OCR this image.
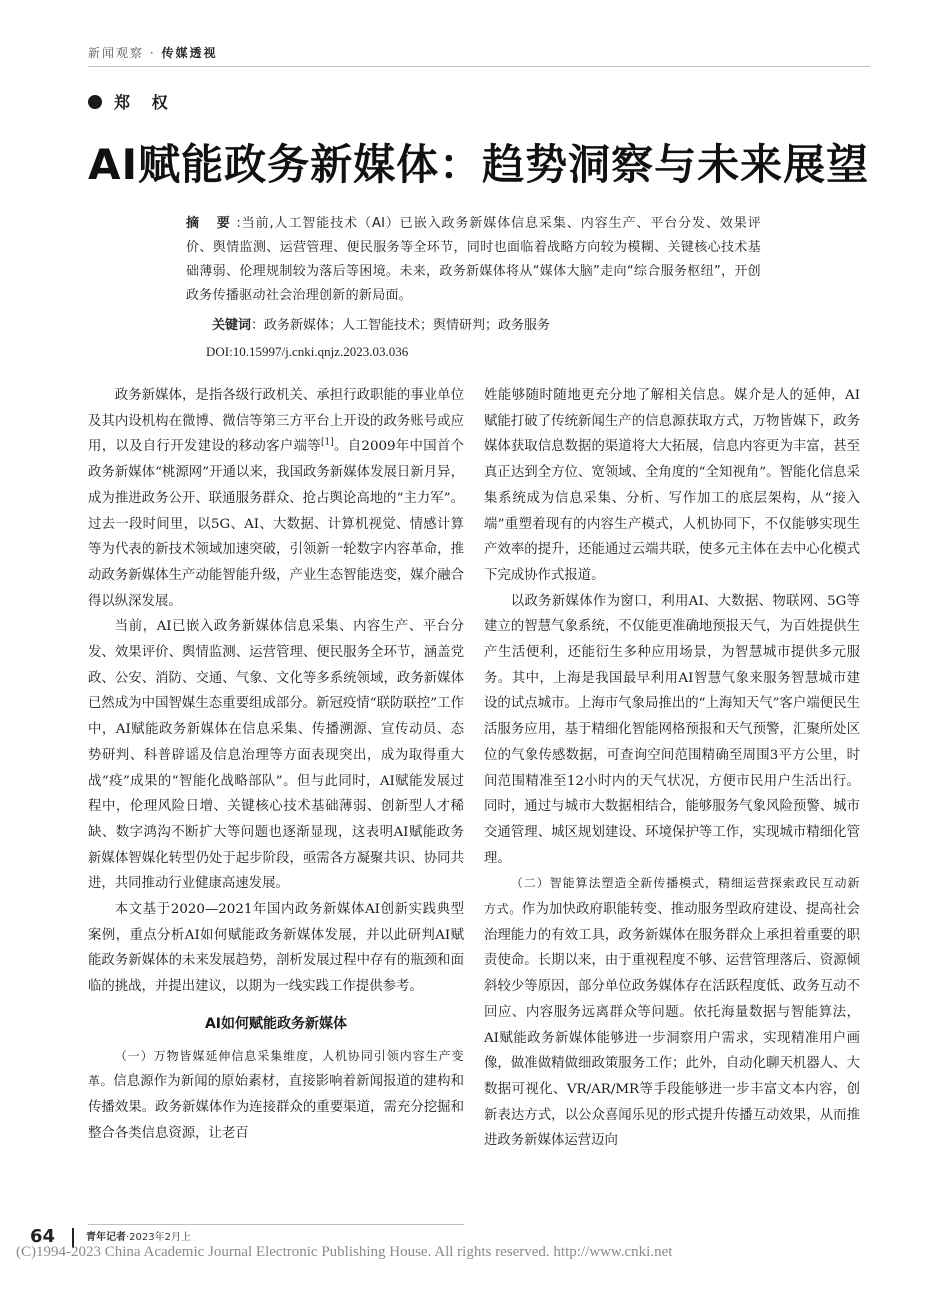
新闻观察 · 传媒透视
郑 权
AI赋能政务新媒体：趋势洞察与未来展望
摘 要:当前,人工智能技术（AI）已嵌入政务新媒体信息采集、内容生产、平台分发、效果评价、舆情监测、运营管理、便民服务等全环节，同时也面临着战略方向较为模糊、关键核心技术基础薄弱、伦理规制较为落后等困境。未来，政务新媒体将从“媒体大脑”走向“综合服务枢纽”，开创政务传播驱动社会治理创新的新局面。
关键词：政务新媒体；人工智能技术；舆情研判；政务服务
DOI:10.15997/j.cnki.qnjz.2023.03.036

政务新媒体，是指各级行政机关、承担行政职能的事业单位及其内设机构在微博、微信等第三方平台上开设的政务账号或应用，以及自行开发建设的移动客户端等[1]。自2009年中国首个政务新媒体“桃源网”开通以来，我国政务新媒体发展日新月异，成为推进政务公开、联通服务群众、抢占舆论高地的“主力军”。过去一段时间里，以5G、AI、大数据、计算机视觉、情感计算等为代表的新技术领域加速突破，引领新一轮数字内容革命，推动政务新媒体生产动能智能升级，产业生态智能迭变，媒介融合得以纵深发展。

当前，AI已嵌入政务新媒体信息采集、内容生产、平台分发、效果评价、舆情监测、运营管理、便民服务全环节，涵盖党政、公安、消防、交通、气象、文化等多系统领域，政务新媒体已然成为中国智媒生态重要组成部分。新冠疫情“联防联控”工作中，AI赋能政务新媒体在信息采集、传播溯源、宣传动员、态势研判、科普辟谣及信息治理等方面表现突出，成为取得重大战“疫”成果的“智能化战略部队”。但与此同时，AI赋能发展过程中，伦理风险日增、关键核心技术基础薄弱、创新型人才稀缺、数字鸿沟不断扩大等问题也逐渐显现，这表明AI赋能政务新媒体智媒化转型仍处于起步阶段，亟需各方凝聚共识、协同共进，共同推动行业健康高速发展。

本文基于2020—2021年国内政务新媒体AI创新实践典型案例，重点分析AI如何赋能政务新媒体发展，并以此研判AI赋能政务新媒体的未来发展趋势，剖析发展过程中存有的瓶颈和面临的挑战，并提出建议，以期为一线实践工作提供参考。

AI如何赋能政务新媒体

（一）万物皆媒延伸信息采集维度，人机协同引领内容生产变革。信息源作为新闻的原始素材，直接影响着新闻报道的建构和传播效果。政务新媒体作为连接群众的重要渠道，需充分挖掘和整合各类信息资源，让老百

姓能够随时随地更充分地了解相关信息。媒介是人的延伸，AI赋能打破了传统新闻生产的信息源获取方式，万物皆媒下，政务媒体获取信息数据的渠道将大大拓展，信息内容更为丰富，甚至真正达到全方位、宽领域、全角度的“全知视角”。智能化信息采集系统成为信息采集、分析、写作加工的底层架构，从“接入端”重塑着现有的内容生产模式，人机协同下，不仅能够实现生产效率的提升，还能通过云端共联，使多元主体在去中心化模式下完成协作式报道。

以政务新媒体作为窗口，利用AI、大数据、物联网、5G等建立的智慧气象系统，不仅能更准确地预报天气，为百姓提供生产生活便利，还能衍生多种应用场景，为智慧城市提供多元服务。其中，上海是我国最早利用AI智慧气象来服务智慧城市建设的试点城市。上海市气象局推出的“上海知天气”客户端便民生活服务应用，基于精细化智能网格预报和天气预警，汇聚所处区位的气象传感数据，可查询空间范围精确至周围3平方公里，时间范围精准至12小时内的天气状况，方便市民用户生活出行。同时，通过与城市大数据相结合，能够服务气象风险预警、城市交通管理、城区规划建设、环境保护等工作，实现城市精细化管理。

（二）智能算法塑造全新传播模式，精细运营探索政民互动新方式。作为加快政府职能转变、推动服务型政府建设、提高社会治理能力的有效工具，政务新媒体在服务群众上承担着重要的职责使命。长期以来，由于重视程度不够、运营管理落后、资源倾斜较少等原因，部分单位政务媒体存在活跃程度低、政务互动不回应、内容服务远离群众等问题。依托海量数据与智能算法，AI赋能政务新媒体能够进一步洞察用户需求，实现精准用户画像，做准做精做细政策服务工作；此外，自动化聊天机器人、大数据可视化、VR/AR/MR等手段能够进一步丰富文本内容，创新表达方式，以公众喜闻乐见的形式提升传播互动效果，从而推进政务新媒体运营迈向

64	青年记者·2023年2月上
(C)1994-2023 China Academic Journal Electronic Publishing House. All rights reserved. http://www.cnki.net
